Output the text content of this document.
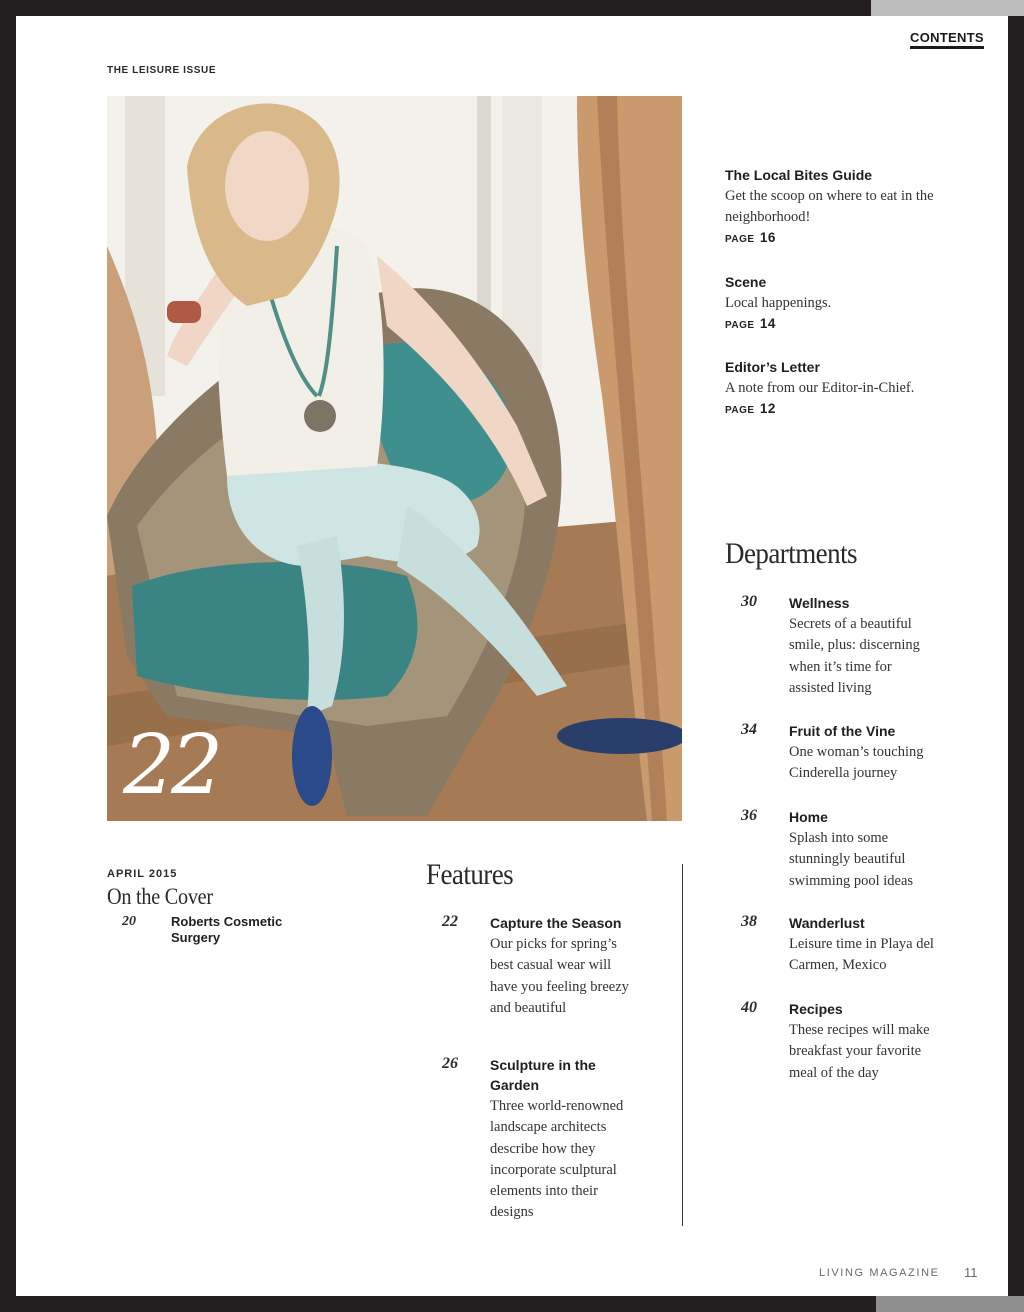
CONTENTS
THE LEISURE ISSUE
22
The Local Bites Guide
Get the scoop on where to eat in the neighborhood!
PAGE 16
Scene
Local happenings.
PAGE 14
Editor’s Letter
A note from our Editor-in-Chief.
PAGE 12
Departments
30 Wellness
Secrets of a beautiful smile, plus: discerning when it’s time for assisted living
34 Fruit of the Vine
One woman’s touching Cinderella journey
36 Home
Splash into some stunningly beautiful swimming pool ideas
38 Wanderlust
Leisure time in Playa del Carmen, Mexico
40 Recipes
These recipes will make breakfast your favorite meal of the day
APRIL 2015
On the Cover
20	Roberts Cosmetic Surgery
Features
22 Capture the Season
Our picks for spring’s best casual wear will have you feeling breezy and beautiful
26 Sculpture in the Garden
Three world-renowned landscape architects describe how they incorporate sculptural elements into their designs
LIVING MAGAZINE 11
